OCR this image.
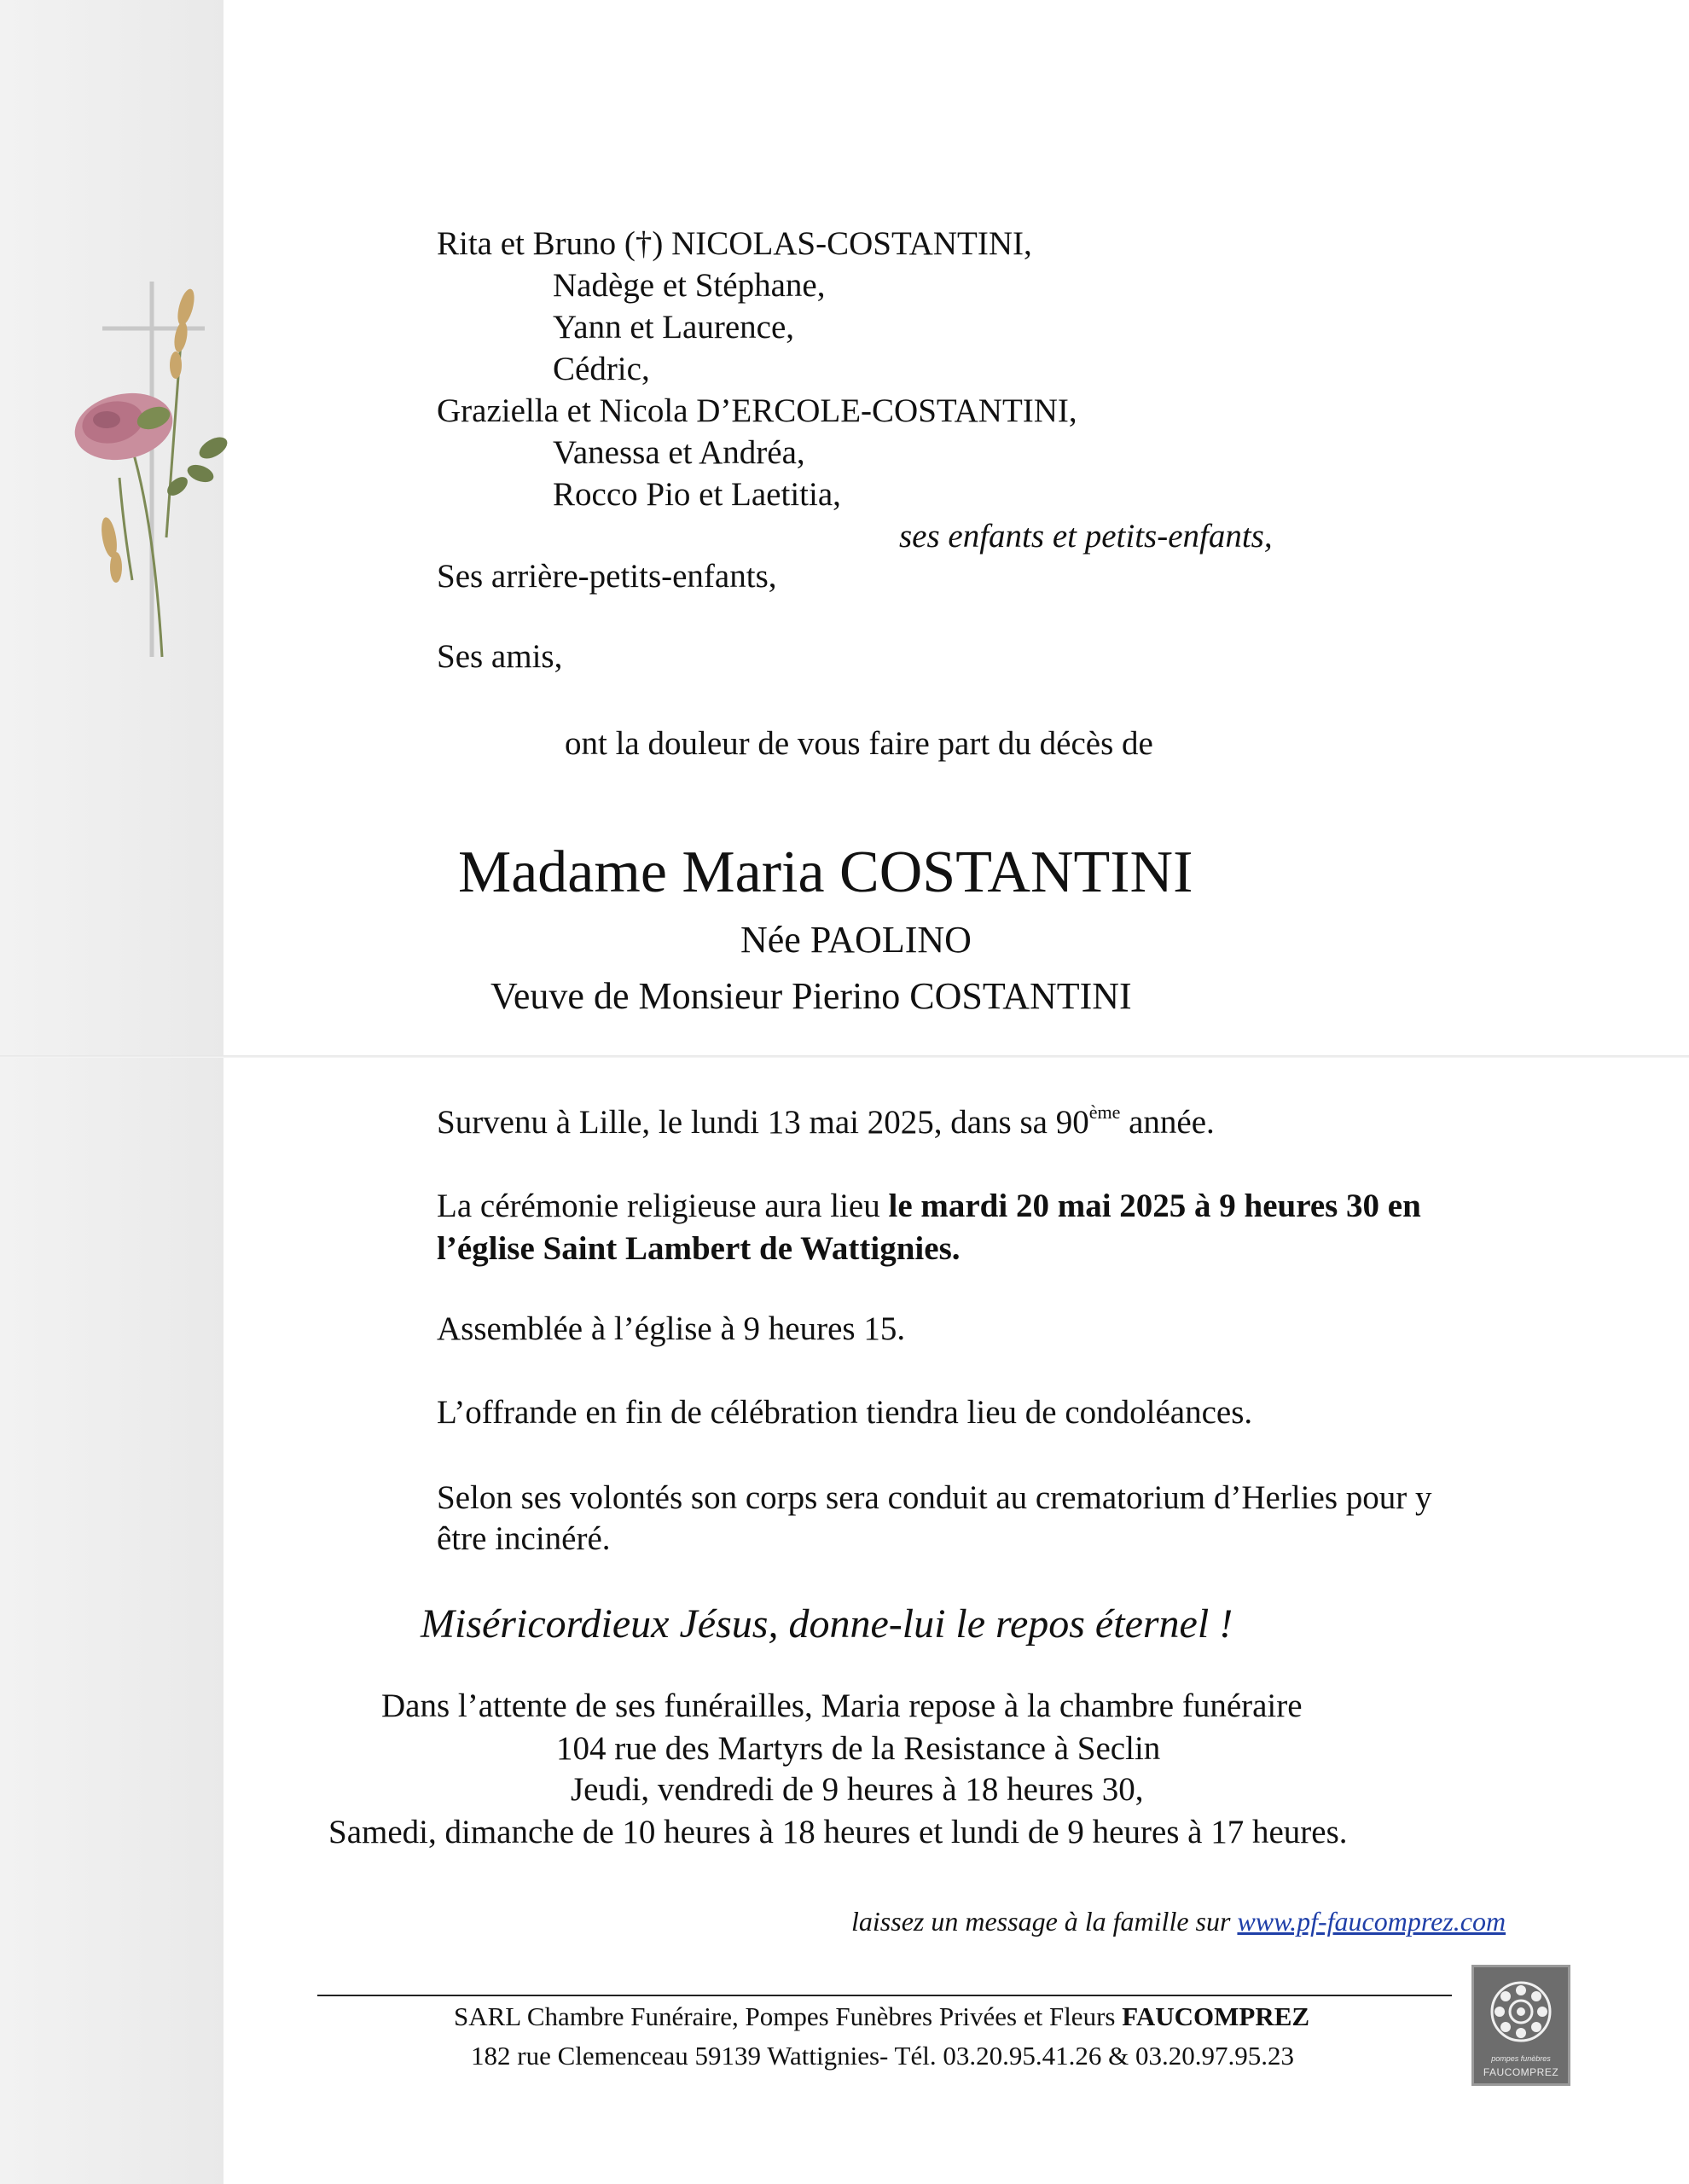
Rita et Bruno (†) NICOLAS-COSTANTINI,
Nadège et Stéphane,
Yann et Laurence,
Cédric,
Graziella et Nicola D’ERCOLE-COSTANTINI,
Vanessa et Andréa,
Rocco Pio et Laetitia,
ses enfants et petits-enfants,
Ses arrière-petits-enfants,
Ses amis,
ont la douleur de vous faire part du décès de
Madame Maria COSTANTINI
Née PAOLINO
Veuve de Monsieur Pierino COSTANTINI
Survenu à Lille, le lundi 13 mai 2025, dans sa 90ème année.
La cérémonie religieuse aura lieu le mardi 20 mai 2025 à 9 heures 30 en
l’église Saint Lambert de Wattignies.
Assemblée à l’église à 9 heures 15.
L’offrande en fin de célébration tiendra lieu de condoléances.
Selon ses volontés son corps sera conduit au crematorium d’Herlies pour y
être incinéré.
Miséricordieux Jésus, donne-lui le repos éternel !
Dans l’attente de ses funérailles, Maria repose à la chambre funéraire
104 rue des Martyrs de la Resistance à Seclin
Jeudi, vendredi de 9 heures à 18 heures 30,
Samedi, dimanche de 10 heures à 18 heures et lundi de 9 heures à 17 heures.
laissez un message à la famille sur www.pf-faucomprez.com
SARL Chambre Funéraire, Pompes Funèbres Privées et Fleurs FAUCOMPREZ
182 rue Clemenceau 59139 Wattignies- Tél. 03.20.95.41.26 & 03.20.97.95.23	pompes funèbres
FAUCOMPREZ
